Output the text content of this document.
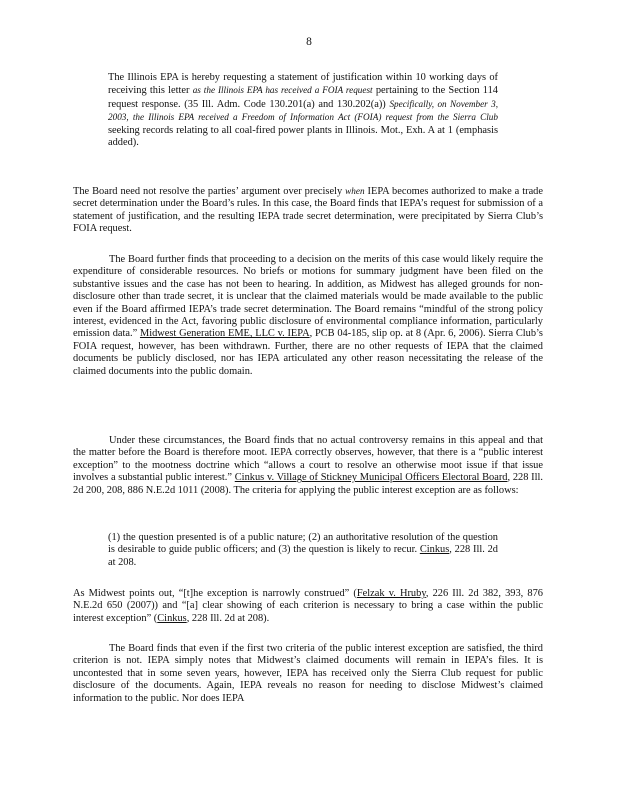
8

The Illinois EPA is hereby requesting a statement of justification within 10 working days of receiving this letter as the Illinois EPA has received a FOIA request pertaining to the Section 114 request response. (35 Ill. Adm. Code 130.201(a) and 130.202(a)) Specifically, on November 3, 2003, the Illinois EPA received a Freedom of Information Act (FOIA) request from the Sierra Club seeking records relating to all coal-fired power plants in Illinois. Mot., Exh. A at 1 (emphasis added).

The Board need not resolve the parties’ argument over precisely when IEPA becomes authorized to make a trade secret determination under the Board’s rules. In this case, the Board finds that IEPA’s request for submission of a statement of justification, and the resulting IEPA trade secret determination, were precipitated by Sierra Club’s FOIA request.

The Board further finds that proceeding to a decision on the merits of this case would likely require the expenditure of considerable resources. No briefs or motions for summary judgment have been filed on the substantive issues and the case has not been to hearing. In addition, as Midwest has alleged grounds for non-disclosure other than trade secret, it is unclear that the claimed materials would be made available to the public even if the Board affirmed IEPA’s trade secret determination. The Board remains “mindful of the strong policy interest, evidenced in the Act, favoring public disclosure of environmental compliance information, particularly emission data.” Midwest Generation EME, LLC v. IEPA, PCB 04-185, slip op. at 8 (Apr. 6, 2006). Sierra Club’s FOIA request, however, has been withdrawn. Further, there are no other requests of IEPA that the claimed documents be publicly disclosed, nor has IEPA articulated any other reason necessitating the release of the claimed documents into the public domain.

Under these circumstances, the Board finds that no actual controversy remains in this appeal and that the matter before the Board is therefore moot. IEPA correctly observes, however, that there is a “public interest exception” to the mootness doctrine which “allows a court to resolve an otherwise moot issue if that issue involves a substantial public interest.” Cinkus v. Village of Stickney Municipal Officers Electoral Board, 228 Ill. 2d 200, 208, 886 N.E.2d 1011 (2008). The criteria for applying the public interest exception are as follows:

(1) the question presented is of a public nature; (2) an authoritative resolution of the question is desirable to guide public officers; and (3) the question is likely to recur. Cinkus, 228 Ill. 2d at 208.

As Midwest points out, “[t]he exception is narrowly construed” (Felzak v. Hruby, 226 Ill. 2d 382, 393, 876 N.E.2d 650 (2007)) and “[a] clear showing of each criterion is necessary to bring a case within the public interest exception” (Cinkus, 228 Ill. 2d at 208).

The Board finds that even if the first two criteria of the public interest exception are satisfied, the third criterion is not. IEPA simply notes that Midwest’s claimed documents will remain in IEPA’s files. It is uncontested that in some seven years, however, IEPA has received only the Sierra Club request for public disclosure of the documents. Again, IEPA reveals no reason for needing to disclose Midwest’s claimed information to the public. Nor does IEPA
